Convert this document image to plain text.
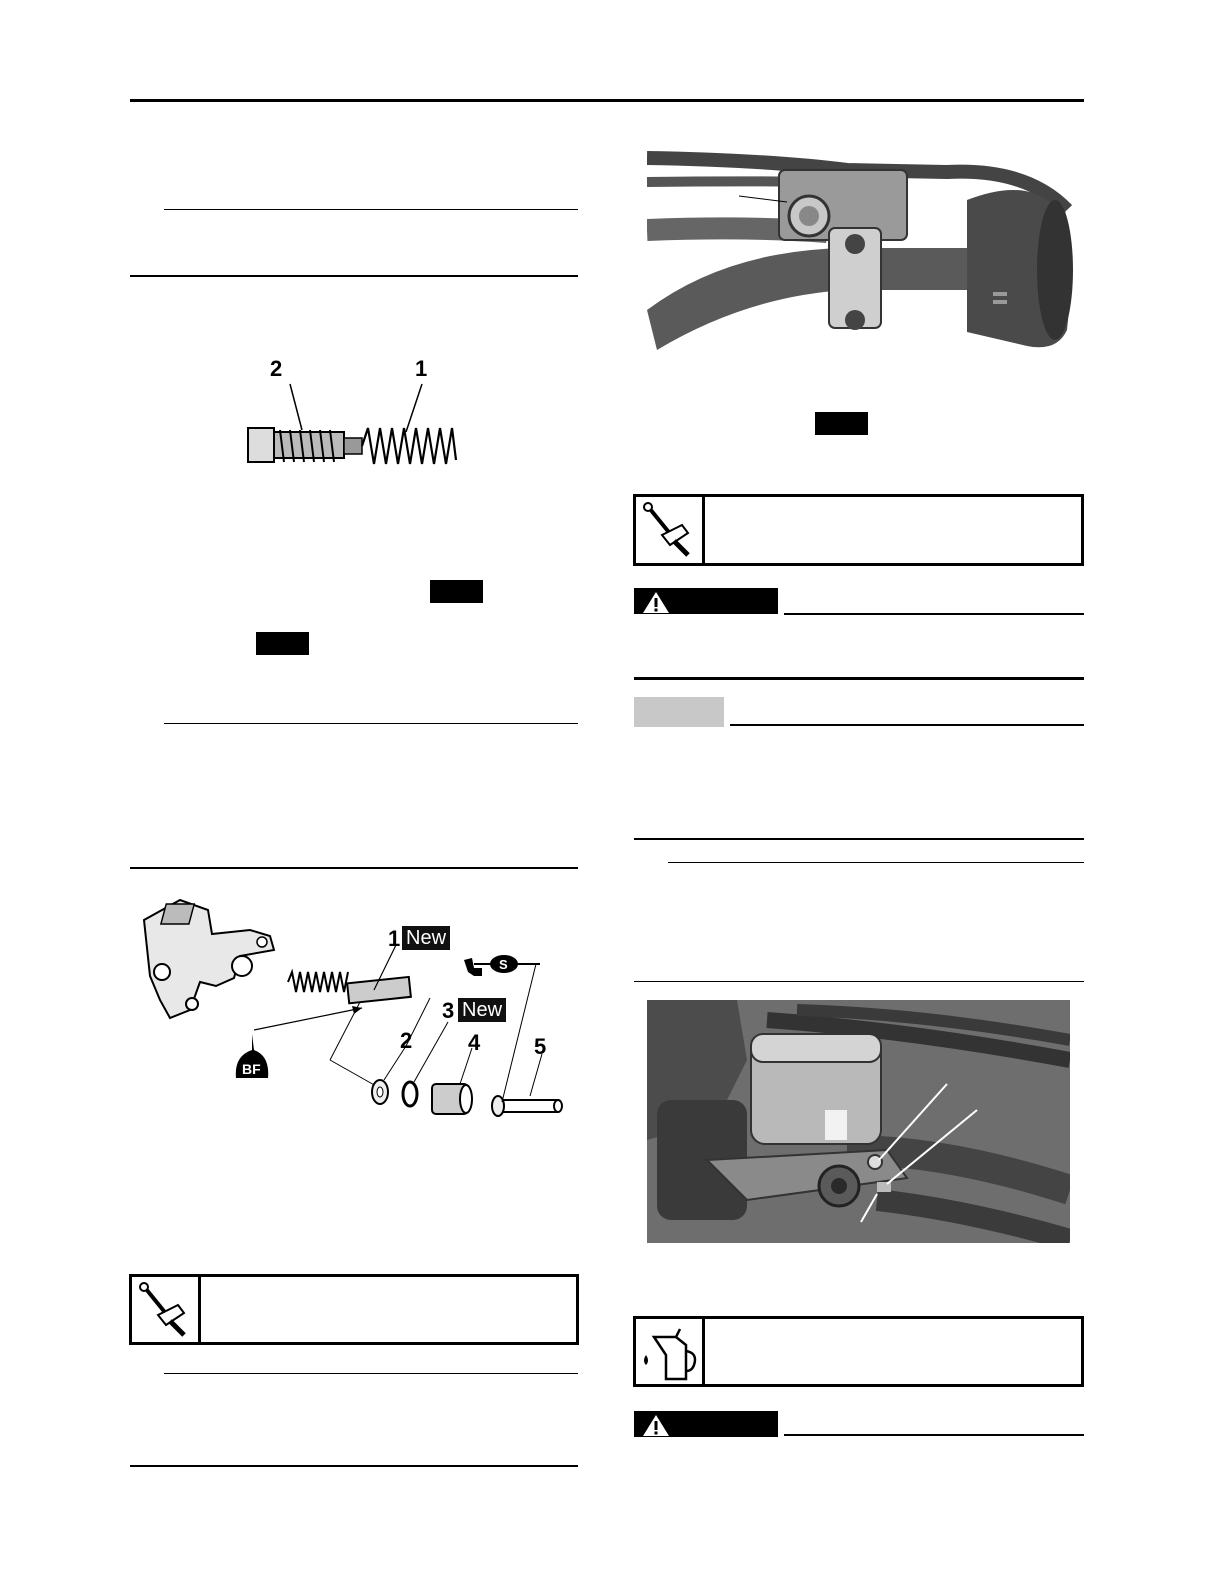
2	1
BF
S
1 New
3 New
2	4 5
